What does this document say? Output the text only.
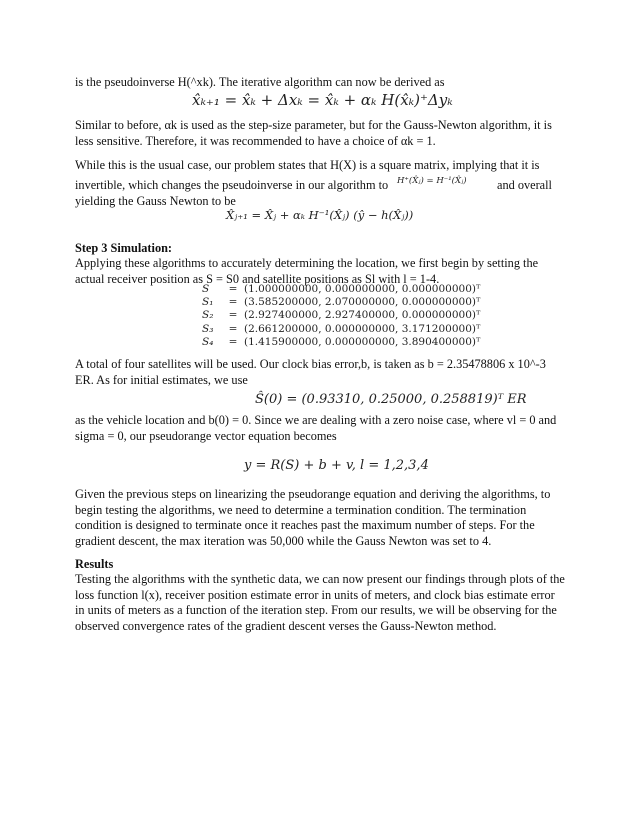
is the pseudoinverse H(^xk). The iterative algorithm can now be derived as

x̂ₖ₊₁ = x̂ₖ + Δxₖ = x̂ₖ + αₖ H(x̂ₖ)⁺Δyₖ

Similar to before, αk is used as the step-size parameter, but for the Gauss-Newton algorithm, it is less sensitive. Therefore, it was recommended to have a choice of αk = 1.

While this is the usual case, our problem states that H(X) is a square matrix, implying that it is

invertible, which changes the pseudoinverse in our algorithm to	H⁺(X̂ⱼ) = H⁻¹(X̂ⱼ) and overall
yielding the Gauss Newton to be
X̂ⱼ₊₁ = X̂ⱼ + αₖ H⁻¹(X̂ⱼ) (ŷ − h(X̂ⱼ))
Step 3 Simulation:

Applying these algorithms to accurately determining the location, we first begin by setting the actual receiver position as S = S0 and satellite positions as Sl with l = 1-4.

S	= (1.000000000, 0.000000000, 0.000000000)ᵀ
S₁	= (3.585200000, 2.070000000, 0.000000000)ᵀ
S₂	= (2.927400000, 2.927400000, 0.000000000)ᵀ
S₃	= (2.661200000, 0.000000000, 3.171200000)ᵀ
S₄	= (1.415900000, 0.000000000, 3.890400000)ᵀ

A total of four satellites will be used. Our clock bias error,b, is taken as b = 2.35478806 x 10^-3 ER. As for initial estimates, we use

Ŝ(0) = (0.93310, 0.25000, 0.258819)ᵀ ER

as the vehicle location and b(0) = 0. Since we are dealing with a zero noise case, where vl = 0 and sigma = 0, our pseudorange vector equation becomes

y = R(S) + b + v, l = 1,2,3,4

Given the previous steps on linearizing the pseudorange equation and deriving the algorithms, to begin testing the algorithms, we need to determine a termination condition. The termination condition is designed to terminate once it reaches past the maximum number of steps. For the gradient descent, the max iteration was 50,000 while the Gauss Newton was set to 4.

Results

Testing the algorithms with the synthetic data, we can now present our findings through plots of the loss function l(x), receiver position estimate error in units of meters, and clock bias estimate error in units of meters as a function of the iteration step. From our results, we will be observing for the observed convergence rates of the gradient descent verses the Gauss-Newton method.
